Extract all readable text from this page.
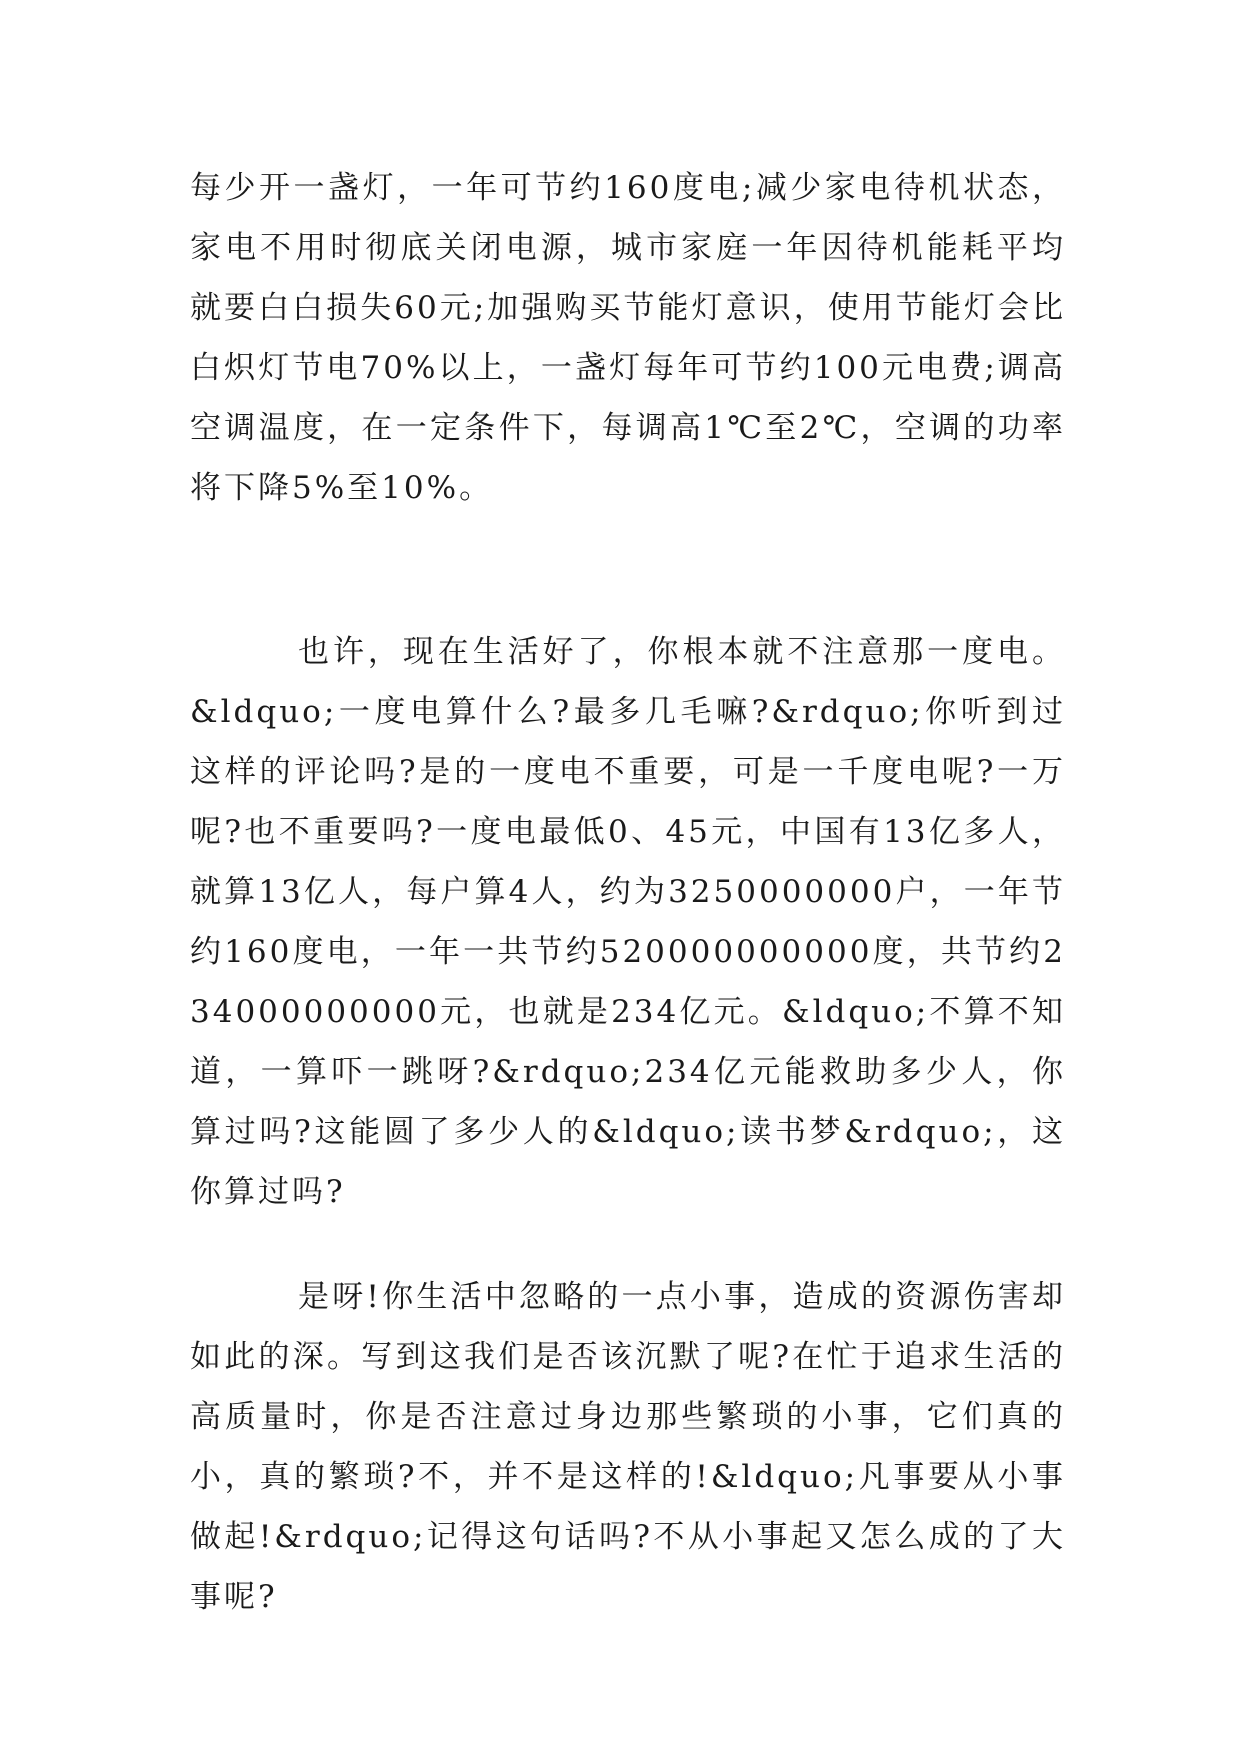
每少开一盏灯，一年可节约160度电;减少家电待机状态，家电不用时彻底关闭电源，城市家庭一年因待机能耗平均就要白白损失60元;加强购买节能灯意识，使用节能灯会比白炽灯节电70%以上，一盏灯每年可节约100元电费;调高空调温度，在一定条件下，每调高1℃至2℃，空调的功率将下降5%至10%。

也许，现在生活好了，你根本就不注意那一度电。&ldquo;一度电算什么?最多几毛嘛?&rdquo;你听到过这样的评论吗?是的一度电不重要，可是一千度电呢?一万呢?也不重要吗?一度电最低0、45元，中国有13亿多人，就算13亿人，每户算4人，约为3250000000户，一年节约160度电，一年一共节约520000000000度，共节约234000000000元，也就是234亿元。&ldquo;不算不知道，一算吓一跳呀?&rdquo;234亿元能救助多少人，你算过吗?这能圆了多少人的&ldquo;读书梦&rdquo;，这你算过吗?

是呀!你生活中忽略的一点小事，造成的资源伤害却如此的深。写到这我们是否该沉默了呢?在忙于追求生活的高质量时，你是否注意过身边那些繁琐的小事，它们真的小，真的繁琐?不，并不是这样的!&ldquo;凡事要从小事做起!&rdquo;记得这句话吗?不从小事起又怎么成的了大事呢?
